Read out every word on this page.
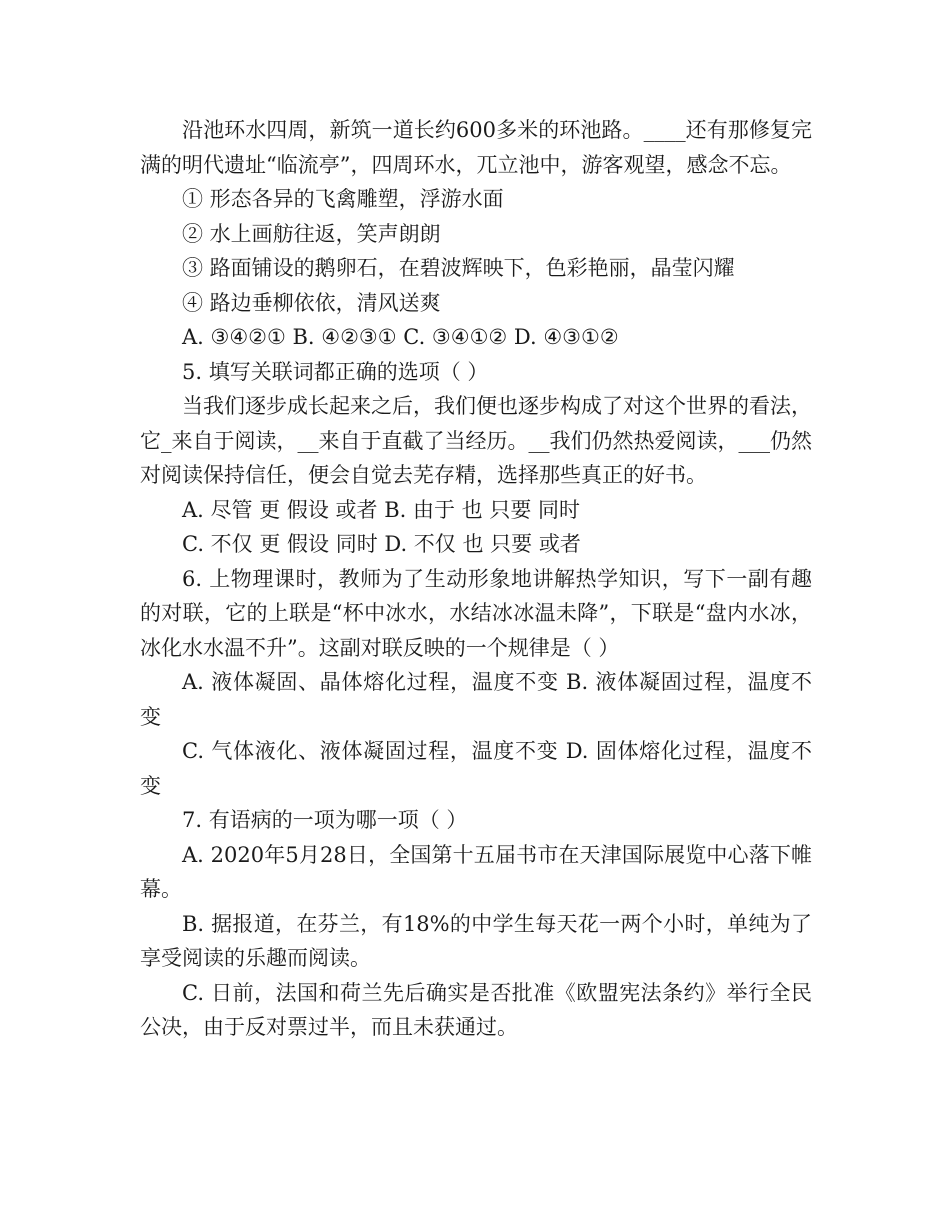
沿池环水四周，新筑一道长约600多米的环池路。____还有那修复完满的明代遗址“临流亭”，四周环水，兀立池中，游客观望，感念不忘。

① 形态各异的飞禽雕塑，浮游水面

② 水上画舫往返，笑声朗朗

③ 路面铺设的鹅卵石，在碧波辉映下，色彩艳丽，晶莹闪耀

④ 路边垂柳依依，清风送爽

A. ③④②① B. ④②③① C. ③④①② D. ④③①②

5. 填写关联词都正确的选项（ ）

当我们逐步成长起来之后，我们便也逐步构成了对这个世界的看法，它_来自于阅读，__来自于直截了当经历。__我们仍然热爱阅读，___仍然对阅读保持信任，便会自觉去芜存精，选择那些真正的好书。

A. 尽管 更 假设 或者 B. 由于 也 只要 同时

C. 不仅 更 假设 同时 D. 不仅 也 只要 或者

6. 上物理课时，教师为了生动形象地讲解热学知识，写下一副有趣的对联，它的上联是“杯中冰水，水结冰冰温未降”，下联是“盘内水冰，冰化水水温不升”。这副对联反映的一个规律是（ ）

A. 液体凝固、晶体熔化过程，温度不变 B. 液体凝固过程，温度不变

C. 气体液化、液体凝固过程，温度不变 D. 固体熔化过程，温度不变

7. 有语病的一项为哪一项（ ）

A. 2020年5月28日，全国第十五届书市在天津国际展览中心落下帷幕。

B. 据报道，在芬兰，有18%的中学生每天花一两个小时，单纯为了享受阅读的乐趣而阅读。

C. 日前，法国和荷兰先后确实是否批准《欧盟宪法条约》举行全民公决，由于反对票过半，而且未获通过。
